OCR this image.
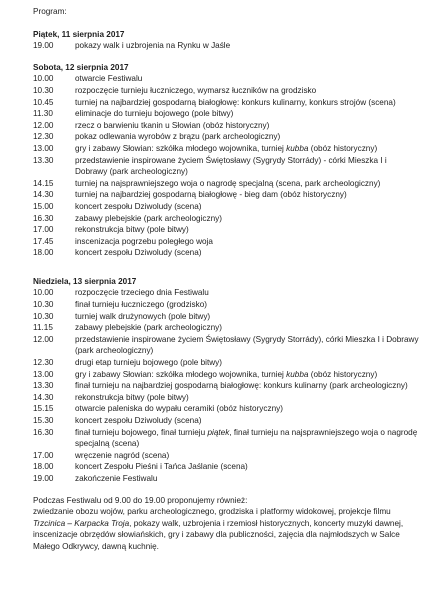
Program:
Piątek, 11 sierpnia 2017
19.00	pokazy walk i uzbrojenia na Rynku w Jaśle
Sobota, 12 sierpnia 2017
10.00	otwarcie Festiwalu
10.30	rozpoczęcie turnieju łuczniczego, wymarsz łuczników na grodzisko
10.45	turniej na najbardziej gospodarną białogłowę: konkurs kulinarny, konkurs strojów (scena)
11.30	eliminacje do turnieju bojowego (pole bitwy)
12.00	rzecz o barwieniu tkanin u Słowian (obóz historyczny)
12.30	pokaz odlewania wyrobów z brązu (park archeologiczny)
13.00	gry i zabawy Słowian: szkółka młodego wojownika, turniej kubba (obóz historyczny)
13.30	przedstawienie inspirowane życiem Świętosławy (Sygrydy Storrády) - córki Mieszka I i Dobrawy (park archeologiczny)
14.15	turniej na najsprawniejszego woja o nagrodę specjalną (scena, park archeologiczny)
14.30	turniej na najbardziej gospodarną białogłowę - bieg dam (obóz historyczny)
15.00	koncert zespołu Dziwoludy (scena)
16.30	zabawy plebejskie (park archeologiczny)
17.00	rekonstrukcja bitwy (pole bitwy)
17.45	inscenizacja pogrzebu poległego woja
18.00	koncert zespołu Dziwoludy (scena)
Niedziela, 13 sierpnia 2017
10.00	rozpoczęcie trzeciego dnia Festiwalu
10.30	finał turnieju łuczniczego (grodzisko)
10.30	turniej walk drużynowych (pole bitwy)
11.15	zabawy plebejskie (park archeologiczny)
12.00	przedstawienie inspirowane życiem Świętosławy (Sygrydy Storrády), córki Mieszka I i Dobrawy (park archeologiczny)
12.30	drugi etap turnieju bojowego (pole bitwy)
13.00	gry i zabawy Słowian: szkółka młodego wojownika, turniej kubba (obóz historyczny)
13.30	finał turnieju na najbardziej gospodarną białogłowę: konkurs kulinarny (park archeologiczny)
14.30	rekonstrukcja bitwy (pole bitwy)
15.15	otwarcie paleniska do wypału ceramiki (obóz historyczny)
15.30	koncert zespołu Dziwoludy (scena)
16.30	finał turnieju bojowego, finał turnieju piątek, finał turnieju na najsprawniejszego woja o nagrodę specjalną (scena)
17.00	wręczenie nagród (scena)
18.00	koncert Zespołu Pieśni i Tańca Jaślanie (scena)
19.00	zakończenie Festiwalu
Podczas Festiwalu od 9.00 do 19.00 proponujemy również:

zwiedzanie obozu wojów, parku archeologicznego, grodziska i platformy widokowej, projekcje filmu Trzcinica – Karpacka Troja, pokazy walk, uzbrojenia i rzemiosł historycznych, koncerty muzyki dawnej, inscenizacje obrzędów słowiańskich, gry i zabawy dla publiczności, zajęcia dla najmłodszych w Salce Małego Odkrywcy, dawną kuchnię.
